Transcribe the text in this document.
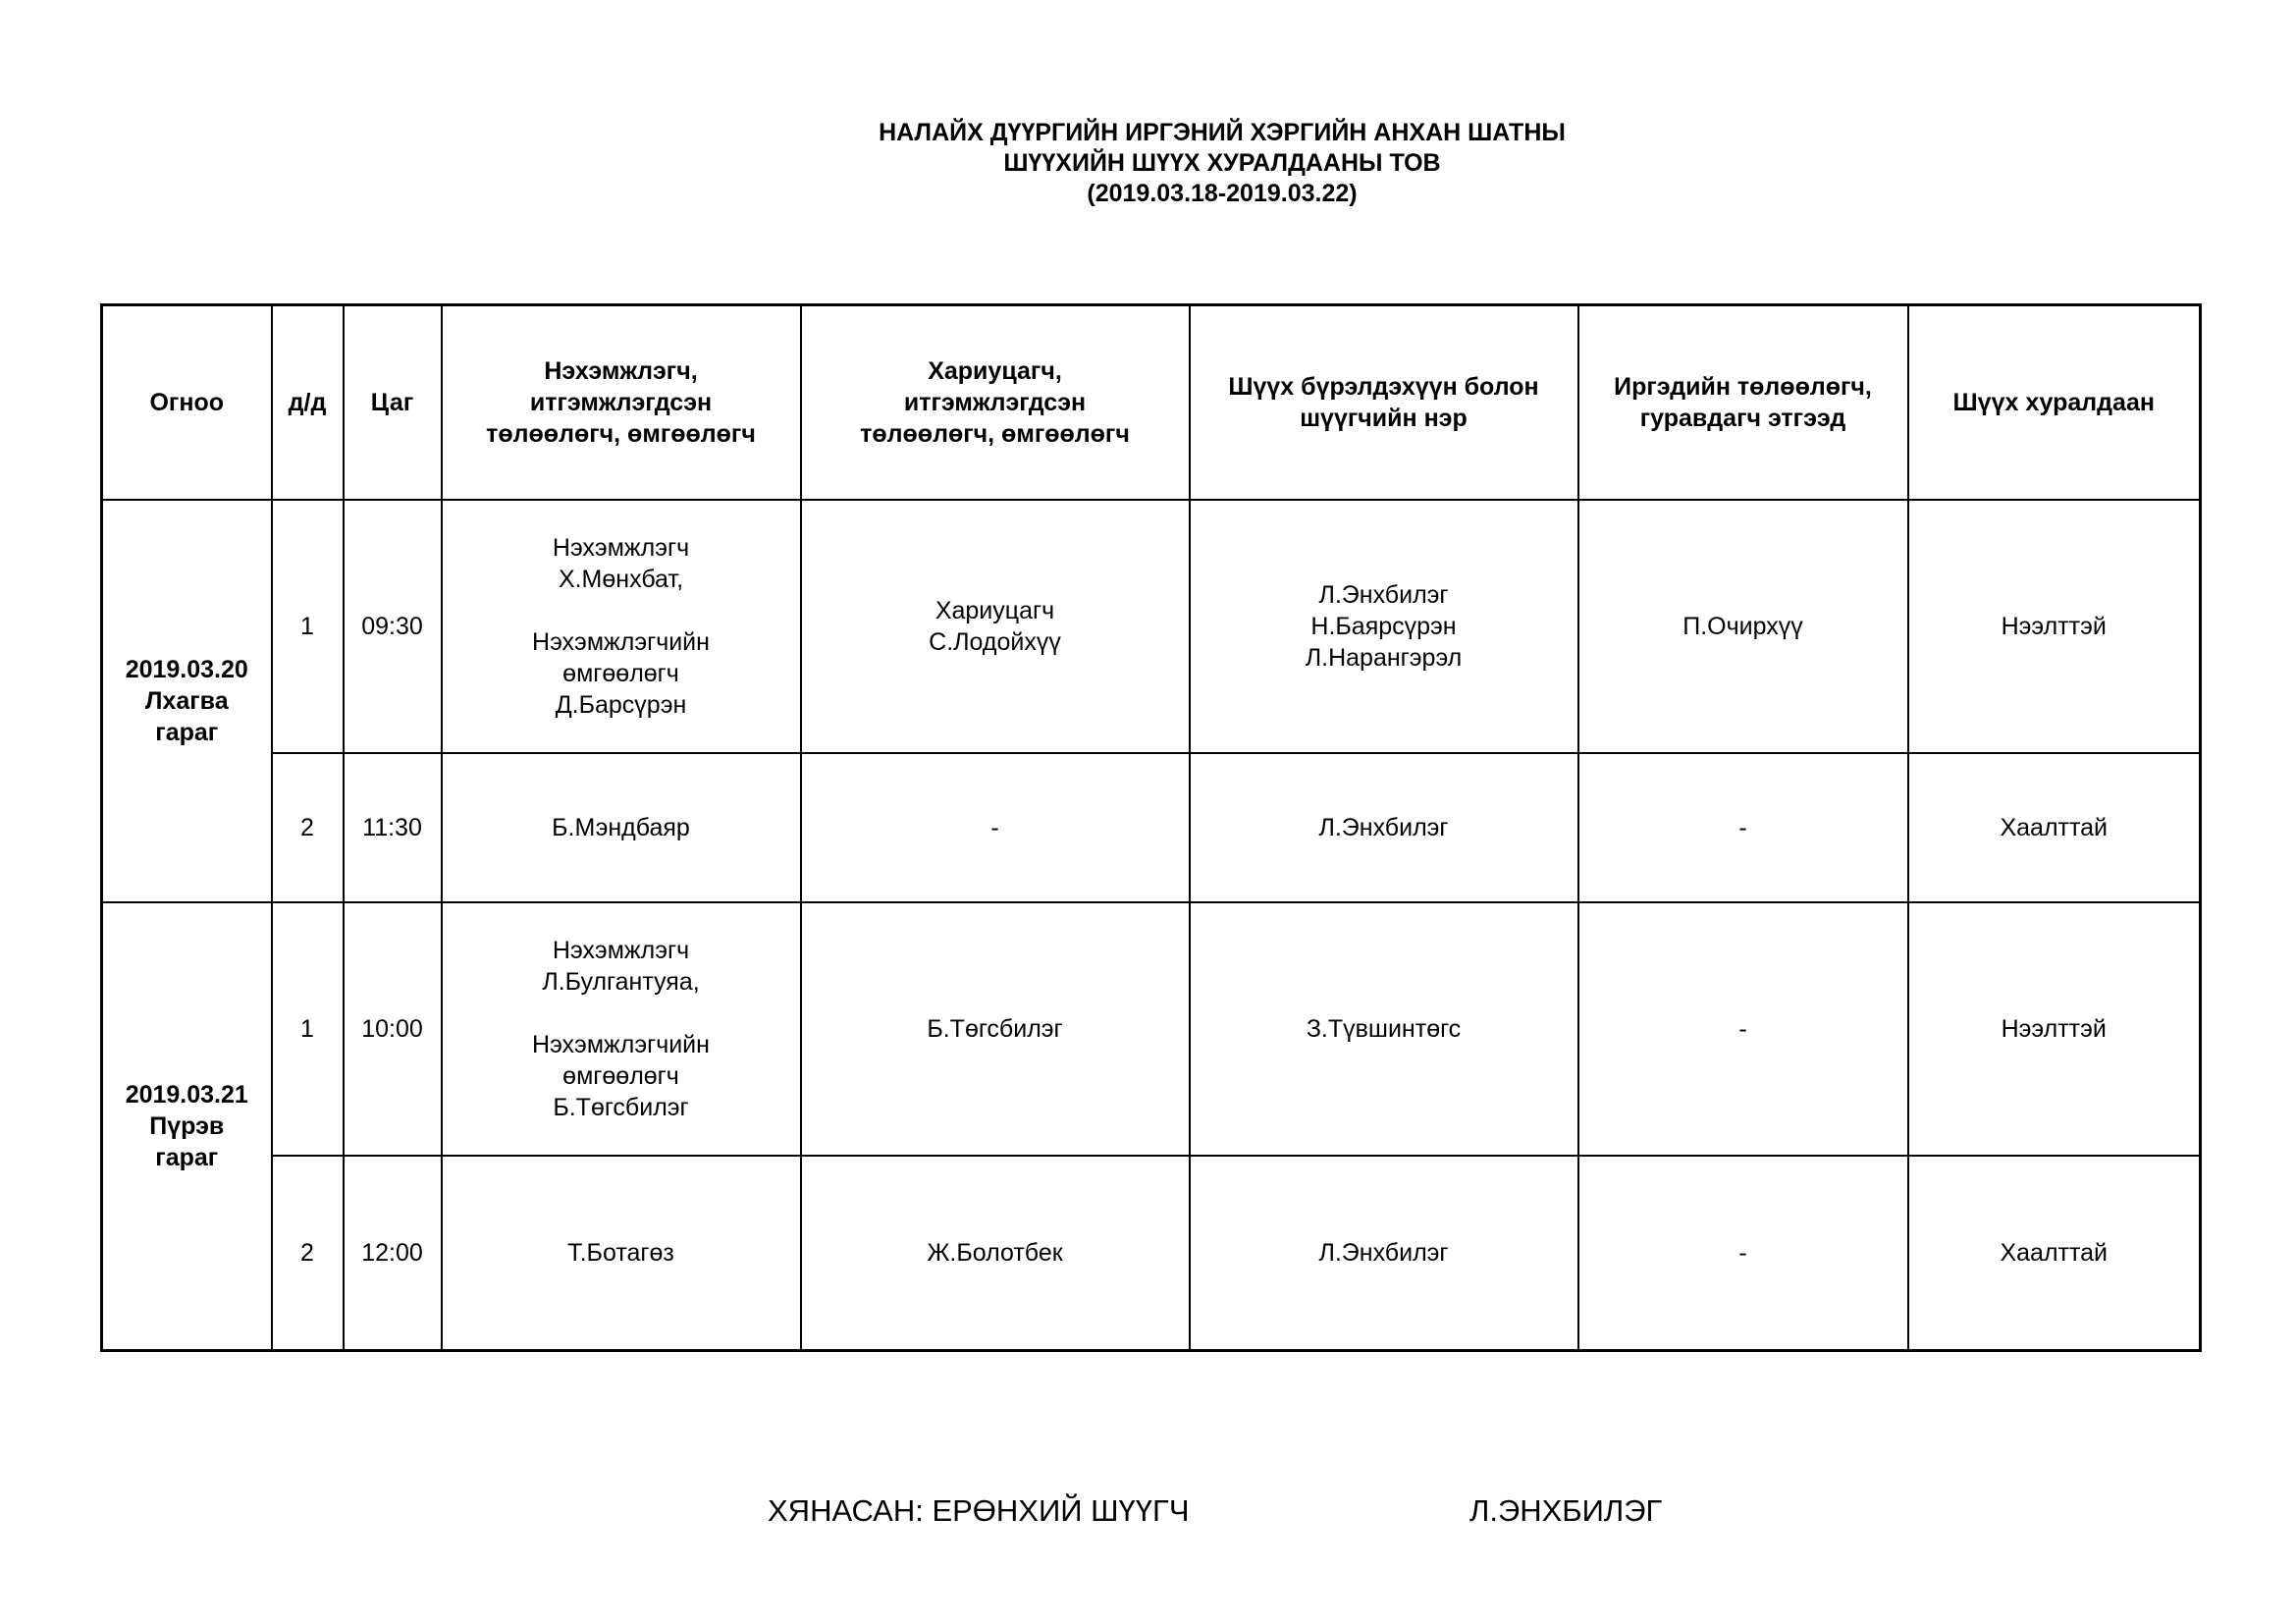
НАЛАЙХ ДҮҮРГИЙН ИРГЭНИЙ ХЭРГИЙН АНХАН ШАТНЫ
ШҮҮХИЙН ШҮҮХ ХУРАЛДААНЫ ТОВ
(2019.03.18-2019.03.22)
Огноо	д/д	Цаг	Нэхэмжлэгч,
итгэмжлэгдсэн
төлөөлөгч, өмгөөлөгч	Хариуцагч,
итгэмжлэгдсэн
төлөөлөгч, өмгөөлөгч	Шүүх бүрэлдэхүүн болон
шүүгчийн нэр	Иргэдийн төлөөлөгч,
гуравдагч этгээд	Шүүх хуралдаан

2019.03.20
Лхагва
гараг	1	09:30	Нэхэмжлэгч
Х.Мөнхбат,
Нэхэмжлэгчийн
өмгөөлөгч
Д.Барсүрэн	Хариуцагч
С.Лодойхүү	Л.Энхбилэг
Н.Баярсүрэн
Л.Нарангэрэл	П.Очирхүү	Нээлттэй

	2	11:30	Б.Мэндбаяр	-	Л.Энхбилэг	-	Хаалттай

2019.03.21
Пүрэв
гараг	1	10:00	Нэхэмжлэгч
Л.Булгантуяа,
Нэхэмжлэгчийн
өмгөөлөгч
Б.Төгсбилэг	Б.Төгсбилэг	З.Түвшинтөгс	-	Нээлттэй

	2	12:00	Т.Ботагөз	Ж.Болотбек	Л.Энхбилэг	-	Хаалттай
ХЯНАСАН: ЕРӨНХИЙ ШҮҮГЧ	Л.ЭНХБИЛЭГ
